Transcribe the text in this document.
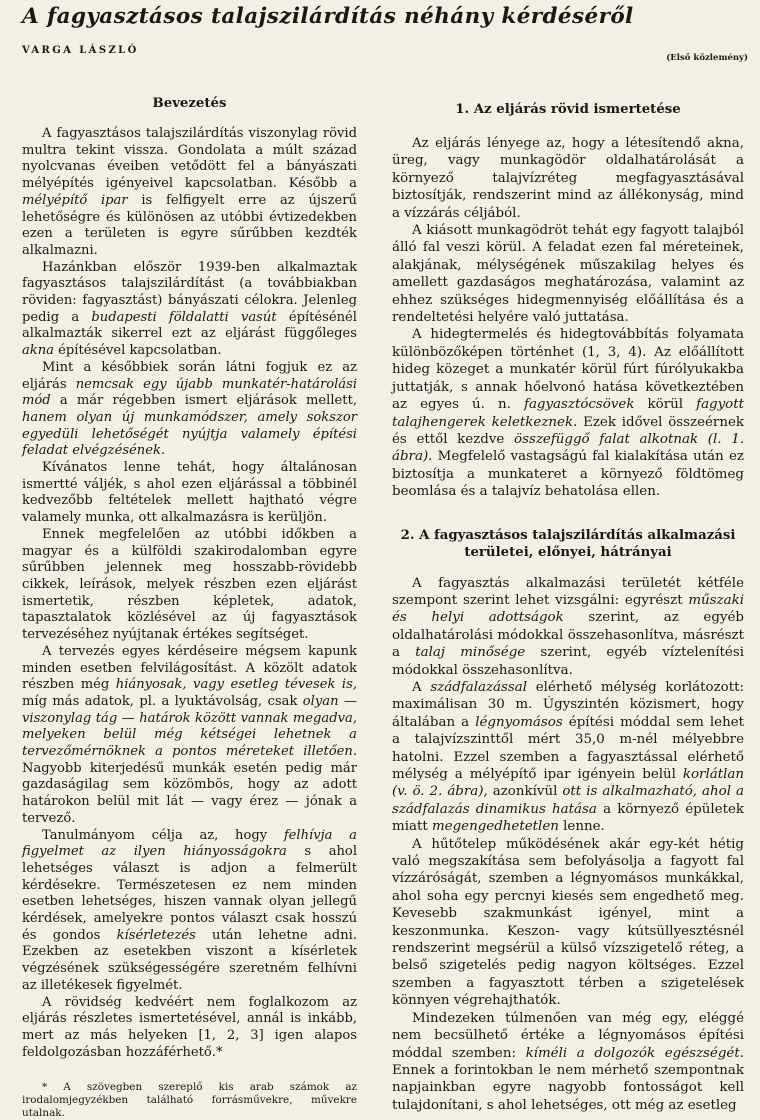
A fagyasztásos talajszilárdítás néhány kérdéséről
VARGA LÁSZLÓ
(Első közlemény)
Bevezetés

A fagyasztásos talajszilárdítás viszonylag rövid multra tekint vissza. Gondolata a múlt század nyolcvanas éveiben vetődött fel a bányászati mélyépítés igényeivel kapcsolatban. Később a mélyépítő ipar is felfigyelt erre az újszerű lehetőségre és különösen az utóbbi évtizedekben ezen a területen is egyre sűrűbben kezdték alkalmazni.

Hazánkban először 1939-ben alkalmaztak fagyasztásos talajszilárdítást (a továbbiakban röviden: fagyasztást) bányászati célokra. Jelenleg pedig a budapesti földalatti vasút építésénél alkalmazták sikerrel ezt az eljárást függőleges akna építésével kapcsolatban.

Mint a későbbiek során látni fogjuk ez az eljárás nemcsak egy újabb munkatér-határolási mód a már régebben ismert eljárások mellett, hanem olyan új munkamódszer, amely sokszor egyedüli lehetőségét nyújtja valamely építési feladat elvégzésének.

Kívánatos lenne tehát, hogy általánosan ismertté váljék, s ahol ezen eljárással a többinél kedvezőbb feltételek mellett hajtható végre valamely munka, ott alkalmazásra is kerüljön.

Ennek megfelelően az utóbbi időkben a magyar és a külföldi szakirodalomban egyre sűrűbben jelennek meg hosszabb-rövidebb cikkek, leírások, melyek részben ezen eljárást ismertetik, részben képletek, adatok, tapasztalatok közlésével az új fagyasztások tervezéséhez nyújtanak értékes segítséget.

A tervezés egyes kérdéseire mégsem kapunk minden esetben felvilágosítást. A közölt adatok részben még hiányosak, vagy esetleg tévesek is, míg más adatok, pl. a lyuktávolság, csak olyan — viszonylag tág — határok között vannak megadva, melyeken belül még kétségei lehetnek a tervezőmérnöknek a pontos méreteket illetően. Nagyobb kiterjedésű munkák esetén pedig már gazdaságilag sem közömbös, hogy az adott határokon belül mit lát — vagy érez — jónak a tervező.

Tanulmányom célja az, hogy felhívja a figyelmet az ilyen hiányosságokra s ahol lehetséges választ is adjon a felmerült kérdésekre. Természetesen ez nem minden esetben lehetséges, hiszen vannak olyan jellegű kérdések, amelyekre pontos választ csak hosszú és gondos kísérletezés után lehetne adni. Ezekben az esetekben viszont a kísérletek végzésének szükségességére szeretném felhívni az illetékesek figyelmét.

A rövidség kedvéért nem foglalkozom az eljárás részletes ismertetésével, annál is inkább, mert az más helyeken [1, 2, 3] igen alapos feldolgozásban hozzáférhető.*

* A szövegben szereplő kis arab számok az irodalomjegyzékben található forrásművekre, művekre utalnak.
1. Az eljárás rövid ismertetése

Az eljárás lényege az, hogy a létesítendő akna, üreg, vagy munkagödör oldalhatárolását a környező talajvízréteg megfagyasztásával biztosítják, rendszerint mind az állékonyság, mind a vízzárás céljából.

A kiásott munkagödröt tehát egy fagyott talajból álló fal veszi körül. A feladat ezen fal méreteinek, alakjának, mélységének műszakilag helyes és amellett gazdaságos meghatározása, valamint az ehhez szükséges hidegmennyiség előállítása és a rendeltetési helyére való juttatása.

A hidegtermelés és hidegtovábbítás folyamata különbözőképen történhet (1, 3, 4). Az előállított hideg közeget a munkatér körül fúrt fúrólyukakba juttatják, s annak hőelvonó hatása következtében az egyes ú. n. fagyasztócsövek körül fagyott talajhengerek keletkeznek. Ezek idővel összeérnek és ettől kezdve összefüggő falat alkotnak (l. 1. ábra). Megfelelő vastagságú fal kialakítása után ez biztosítja a munkateret a környező földtömeg beomlása és a talajvíz behatolása ellen.

2. A fagyasztásos talajszilárdítás alkalmazási területei, előnyei, hátrányai

A fagyasztás alkalmazási területét kétféle szempont szerint lehet vizsgálni: egyrészt műszaki és helyi adottságok szerint, az egyéb oldalhatárolási módokkal összehasonlítva, másrészt a talaj minősége szerint, egyéb víztelenítési módokkal összehasonlítva.

A szádfalazással elérhető mélység korlátozott: maximálisan 30 m. Úgyszintén közismert, hogy általában a légnyomásos építési móddal sem lehet a talajvízszinttől mért 35,0 m-nél mélyebbre hatolni. Ezzel szemben a fagyasztással elérhető mélység a mélyépítő ipar igényein belül korlátlan (v. ö. 2. ábra), azonkívül ott is alkalmazható, ahol a szádfalazás dinamikus hatása a környező épületek miatt megengedhetetlen lenne.

A hűtőtelep működésének akár egy-két hétig való megszakítása sem befolyásolja a fagyott fal vízzáróságát, szemben a légnyomásos munkákkal, ahol soha egy percnyi kiesés sem engedhető meg. Kevesebb szakmunkást igényel, mint a keszonmunka. Keszon- vagy kútsüllyesztésnél rendszerint megsérül a külső vízszigetelő réteg, a belső szigetelés pedig nagyon költséges. Ezzel szemben a fagyasztott térben a szigetelések könnyen végrehajthatók.

Mindezeken túlmenően van még egy, eléggé nem becsülhető értéke a légnyomásos építési móddal szemben: kíméli a dolgozók egészségét. Ennek a forintokban le nem mérhető szempontnak napjainkban egyre nagyobb fontosságot kell tulajdonítani, s ahol lehetséges, ott még az esetleg
